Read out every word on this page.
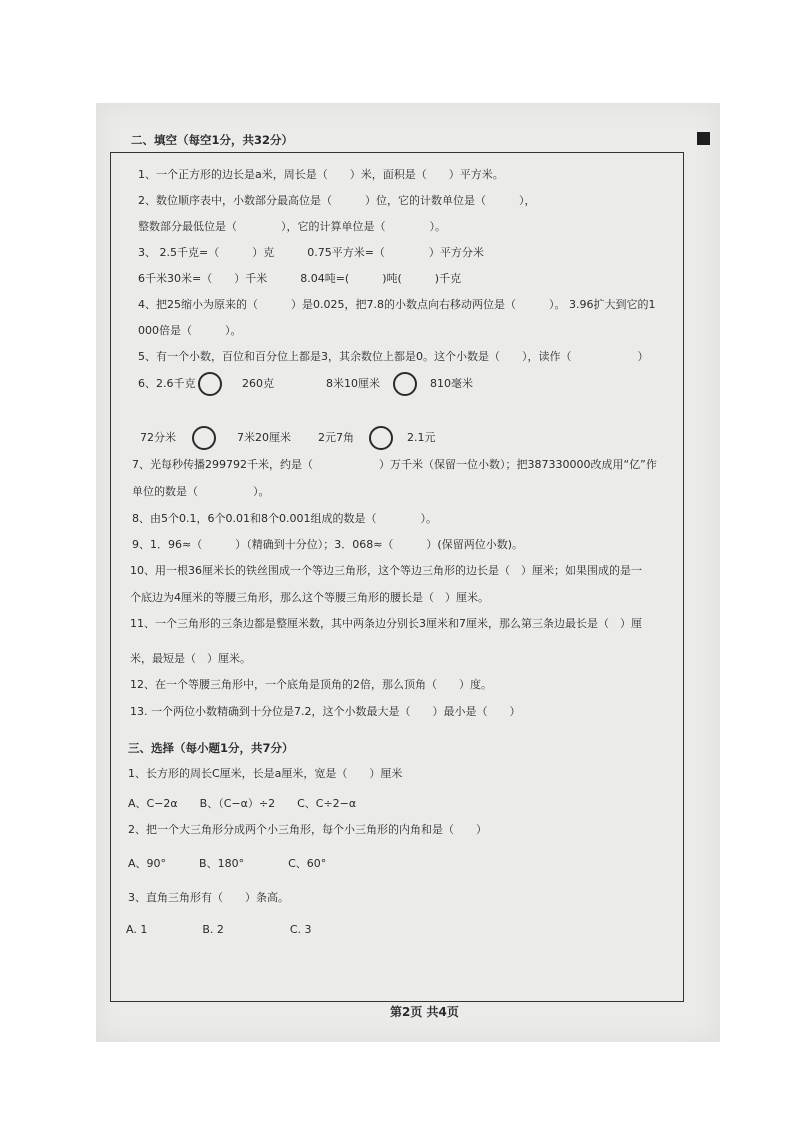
二、填空（每空1分，共32分）
1、一个正方形的边长是a米，周长是（　　）米，面积是（　　）平方米。
2、数位顺序表中，小数部分最高位是（　　　）位，它的计数单位是（　　　），
整数部分最低位是（　　　　），它的计算单位是（　　　　）。
3、 2.5千克=（　　　）克　　　0.75平方米=（　　　　）平方分米
6千米30米=（　　）千米　　　8.04吨=(　　　)吨(　　　)千克
4、把25缩小为原来的（　　　）是0.025，把7.8的小数点向右移动两位是（　　　）。 3.96扩大到它的1
000倍是（　　　）。
5、有一个小数，百位和百分位上都是3，其余数位上都是0。这个小数是（　　），读作（　　　　　　）
6、2.6千克	260克	8米10厘米	810毫米
72分米	7米20厘米 2元7角	2.1元
7、光每秒传播299792千米，约是（　　　　　　）万千米（保留一位小数）；把387330000改成用“亿”作
单位的数是（　　　　　）。
8、由5个0.1，6个0.01和8个0.001组成的数是（　　　　）。
9、1．96≈（　　　）（精确到十分位）；3．068≈（　　　）(保留两位小数)。
10、用一根36厘米长的铁丝围成一个等边三角形，这个等边三角形的边长是（　）厘米；如果围成的是一
个底边为4厘米的等腰三角形，那么这个等腰三角形的腰长是（　）厘米。
11、一个三角形的三条边都是整厘米数，其中两条边分别长3厘米和7厘米，那么第三条边最长是（　）厘
米，最短是（　）厘米。
12、在一个等腰三角形中，一个底角是顶角的2倍，那么顶角（　　）度。
13. 一个两位小数精确到十分位是7.2，这个小数最大是（　　）最小是（　　）
三、选择（每小题1分，共7分）
1、长方形的周长C厘米，长是a厘米，宽是（　　）厘米
A、C−2α　　B、（C−α）÷2　　C、C÷2−α
2、把一个大三角形分成两个小三角形，每个小三角形的内角和是（　　）
A、90°　　　B、180°　　　　C、60°
3、直角三角形有（　　）条高。
A. 1　　　　　B. 2　　　　　　C. 3
第2页 共4页
